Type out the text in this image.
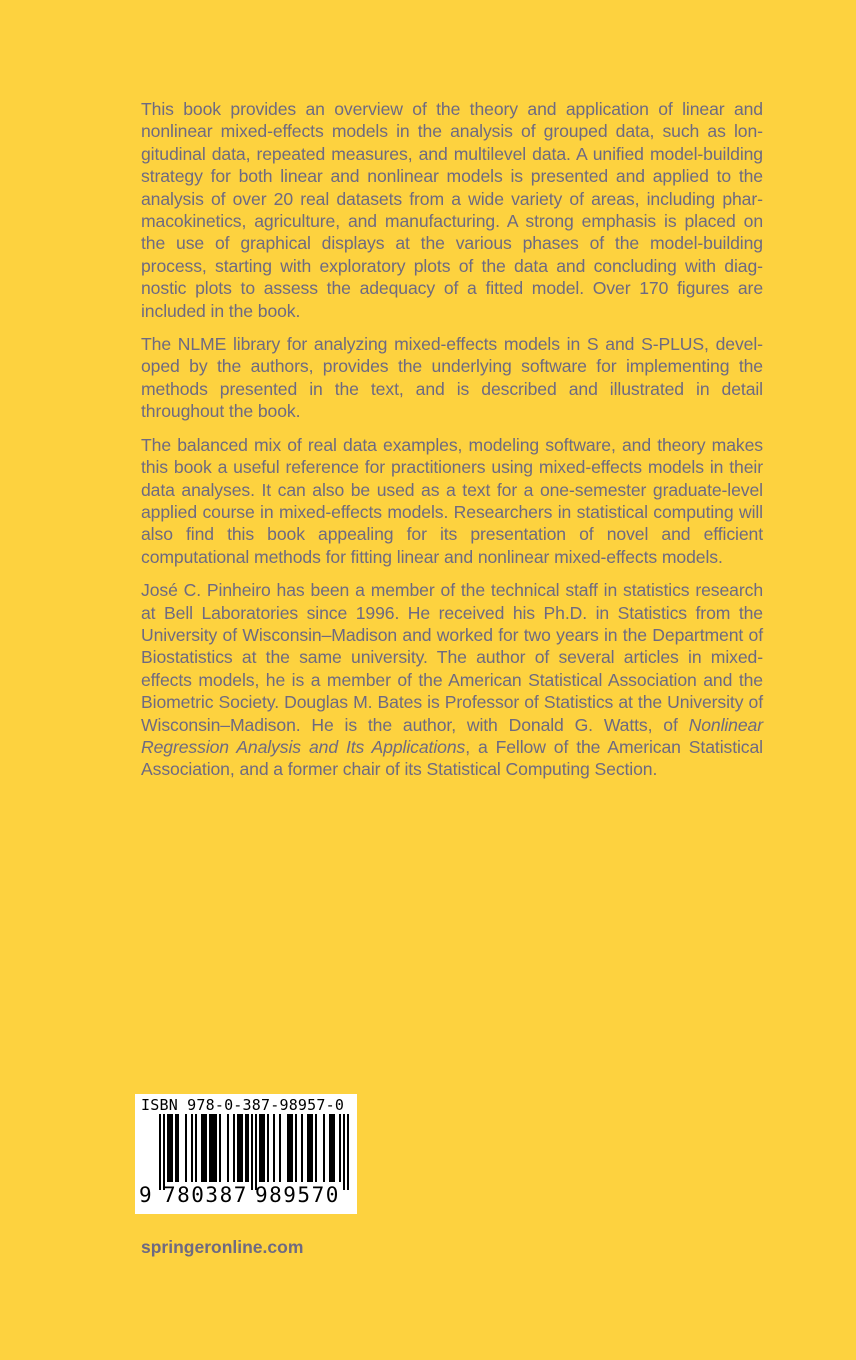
This book provides an overview of the theory and application of linear and nonlinear mixed-effects models in the analysis of grouped data, such as longitudinal data, repeated measures, and multilevel data. A unified model-building strategy for both linear and nonlinear models is presented and applied to the analysis of over 20 real datasets from a wide variety of areas, including pharmacokinetics, agriculture, and manufacturing. A strong emphasis is placed on the use of graphical displays at the various phases of the model-building process, starting with exploratory plots of the data and concluding with diagnostic plots to assess the adequacy of a fitted model. Over 170 figures are included in the book.

The NLME library for analyzing mixed-effects models in S and S-PLUS, developed by the authors, provides the underlying software for implementing the methods presented in the text, and is described and illustrated in detail throughout the book.

The balanced mix of real data examples, modeling software, and theory makes this book a useful reference for practitioners using mixed-effects models in their data analyses. It can also be used as a text for a one-semester graduate-level applied course in mixed-effects models. Researchers in statistical computing will also find this book appealing for its presentation of novel and efficient computational methods for fitting linear and nonlinear mixed-effects models.

José C. Pinheiro has been a member of the technical staff in statistics research at Bell Laboratories since 1996. He received his Ph.D. in Statistics from the University of Wisconsin–Madison and worked for two years in the Department of Biostatistics at the same university. The author of several articles in mixed-effects models, he is a member of the American Statistical Association and the Biometric Society. Douglas M. Bates is Professor of Statistics at the University of Wisconsin–Madison. He is the author, with Donald G. Watts, of Nonlinear Regression Analysis and Its Applications, a Fellow of the American Statistical Association, and a former chair of its Statistical Computing Section.

ISBN 978-0-387-98957-0
9 780387 989570
springeronline.com
